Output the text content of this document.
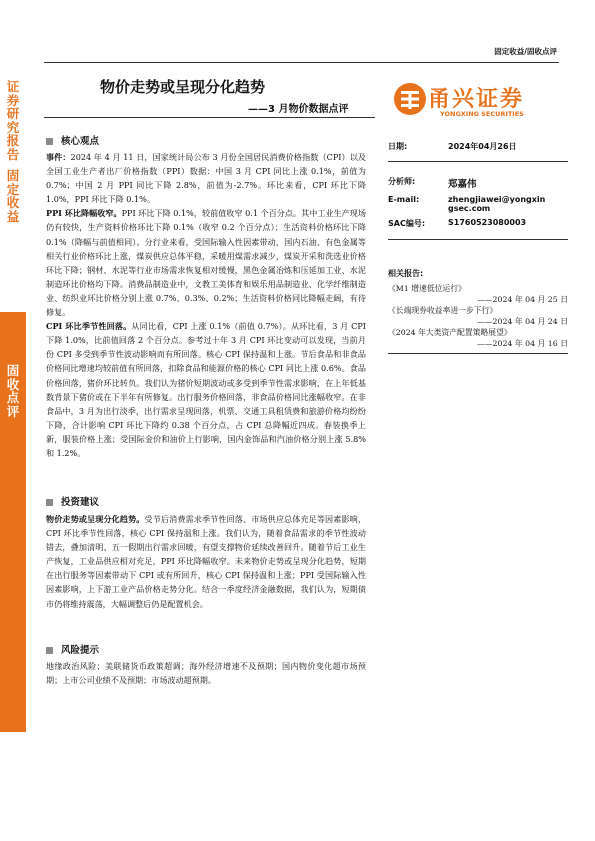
证
券
研
究
报
告
固
定
收
益
固
收
点
评
固定收益/固收点评
物价走势或呈现分化趋势
——3 月物价数据点评	甬兴证券
YONGXING SECURITIES
核心观点

事件：2024 年 4 月 11 日，国家统计局公布 3 月份全国居民消费价格指数（CPI）以及全国工业生产者出厂价格指数（PPI）数据：中国 3 月 CPI 同比上涨 0.1%，前值为 0.7%；中国 2 月 PPI 同比下降 2.8%，前值为-2.7%。环比来看，CPI 环比下降 1.0%，PPI 环比下降 0.1%。

PPI 环比降幅收窄。PPI 环比下降 0.1%，较前值收窄 0.1 个百分点。其中工业生产现场仍有较快，生产资料价格环比下降 0.1%（收窄 0.2 个百分点）；生活资料价格环比下降 0.1%（降幅与前值相同）。分行业来看，受国际输入性因素带动，国内石油、有色金属等相关行业价格环比上涨，煤炭供应总体平稳，采暖用煤需求减少，煤炭开采和洗选业价格环比下降；钢材、水泥等行业市场需求恢复相对缓慢，黑色金属冶炼和压延加工业、水泥制造环比价格均下降。消费品制造业中，文教工美体育和娱乐用品制造业、化学纤维制造业、纺织业环比价格分别上涨 0.7%、0.3%、0.2%；生活资料价格同比降幅走阔，有待修复。

CPI 环比季节性回落。从同比看，CPI 上涨 0.1%（前值 0.7%）。从环比看，3 月 CPI 下降 1.0%，比前值回落 2 个百分点。参考过十年 3 月 CPI 环比变动可以发现，当前月份 CPI 多受到季节性波动影响而有所回落。核心 CPI 保持温和上涨。节后食品和非食品价格同比增速均较前值有所回落，扣除食品和能源价格的核心 CPI 同比上涨 0.6%。食品价格回落，猪价环比转负。我们认为猪价短期波动或多受到季节性需求影响，在上年低基数背景下猪价或在下半年有所修复。出行服务价格回落，非食品价格同比涨幅收窄。在非食品中，3 月为出行淡季，出行需求呈现回落，机票、交通工具租赁费和旅游价格均纷纷下降，合计影响 CPI 环比下降约 0.38 个百分点，占 CPI 总降幅近四成。春装换季上新，服装价格上涨；受国际金价和油价上行影响，国内金饰品和汽油价格分别上涨 5.8%和 1.2%。

投资建议

物价走势或呈现分化趋势。受节后消费需求季节性回落、市场供应总体充足等因素影响，CPI 环比季节性回落，核心 CPI 保持温和上涨。我们认为，随着食品需求的季节性波动错去，叠加清明、五一假期出行需求回暖，有望支撑物价延续改善回升。随着节后工业生产恢复，工业品供应相对充足，PPI 环比降幅收窄。未来物价走势或呈现分化趋势，短期在出行服务等因素带动下 CPI 或有所回升，核心 CPI 保持温和上涨；PPI 受国际输入性因素影响，上下游工业产品价格走势分化。结合一季度经济金融数据，我们认为，短期债市仍将维持震荡，大幅调整后仍是配置机会。

风险提示

地缘政治风险；美联储货币政策超调；海外经济增速不及预期；国内物价变化超市场预期；上市公司业绩不及预期；市场波动超预期。

日期:	2024年04月26日
分析师:	郑嘉伟
E-mail:	zhengjiawei@yongxin
gsec.com
SAC编号:	S1760523080003
相关报告:
《M1 增速低位运行》
——2024 年 04 月 25 日
《长端现券收益率进一步下行》
——2024 年 04 月 24 日
《2024 年大类资产配置策略展望》
——2024 年 04 月 16 日
